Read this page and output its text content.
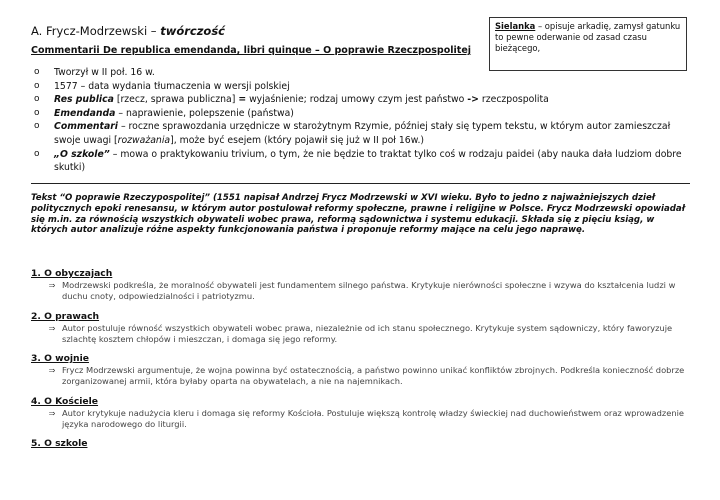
A. Frycz-Modrzewski – twórczość
Commentarii De republica emendanda, libri quinque – O poprawie Rzeczpospolitej
Sielanka – opisuje arkadię, zamysł gatunku
to pewne oderwanie od zasad czasu bieżącego,
o	Tworzył w II poł. 16 w.
o	1577 – data wydania tłumaczenia w wersji polskiej
o	Res publica [rzecz, sprawa publiczna] = wyjaśnienie; rodzaj umowy czym jest państwo -> rzeczpospolita
o	Emendanda – naprawienie, polepszenie (państwa)
o	Commentari – roczne sprawozdania urzędnicze w starożytnym Rzymie, później stały się typem tekstu, w którym autor zamieszczał swoje uwagi [rozważania], może być esejem (który pojawił się już w II poł 16w.)
o	„O szkole” – mowa o praktykowaniu trivium, o tym, że nie będzie to traktat tylko coś w rodzaju paidei (aby nauka dała ludziom dobre skutki)
Tekst “O poprawie Rzeczypospolitej” (1551 napisał Andrzej Frycz Modrzewski w XVI wieku. Było to jedno z najważniejszych dzieł politycznych epoki renesansu, w którym autor postulował reformy społeczne, prawne i religijne w Polsce. Frycz Modrzewski opowiadał się m.in. za równością wszystkich obywateli wobec prawa, reformą sądownictwa i systemu edukacji. Składa się z pięciu ksiąg, w których autor analizuje różne aspekty funkcjonowania państwa i proponuje reformy mające na celu jego naprawę.
1. O obyczajach
⇒ Modrzewski podkreśla, że moralność obywateli jest fundamentem silnego państwa. Krytykuje nierówności społeczne i wzywa do kształcenia ludzi w duchu cnoty, odpowiedzialności i patriotyzmu.
2. O prawach
⇒ Autor postuluje równość wszystkich obywateli wobec prawa, niezależnie od ich stanu społecznego. Krytykuje system sądowniczy, który faworyzuje szlachtę kosztem chłopów i mieszczan, i domaga się jego reformy.
3. O wojnie
⇒ Frycz Modrzewski argumentuje, że wojna powinna być ostatecznością, a państwo powinno unikać konfliktów zbrojnych. Podkreśla konieczność dobrze zorganizowanej armii, która byłaby oparta na obywatelach, a nie na najemnikach.
4. O Kościele
⇒ Autor krytykuje nadużycia kleru i domaga się reformy Kościoła. Postuluje większą kontrolę władzy świeckiej nad duchowieństwem oraz wprowadzenie języka narodowego do liturgii.
5. O szkole
